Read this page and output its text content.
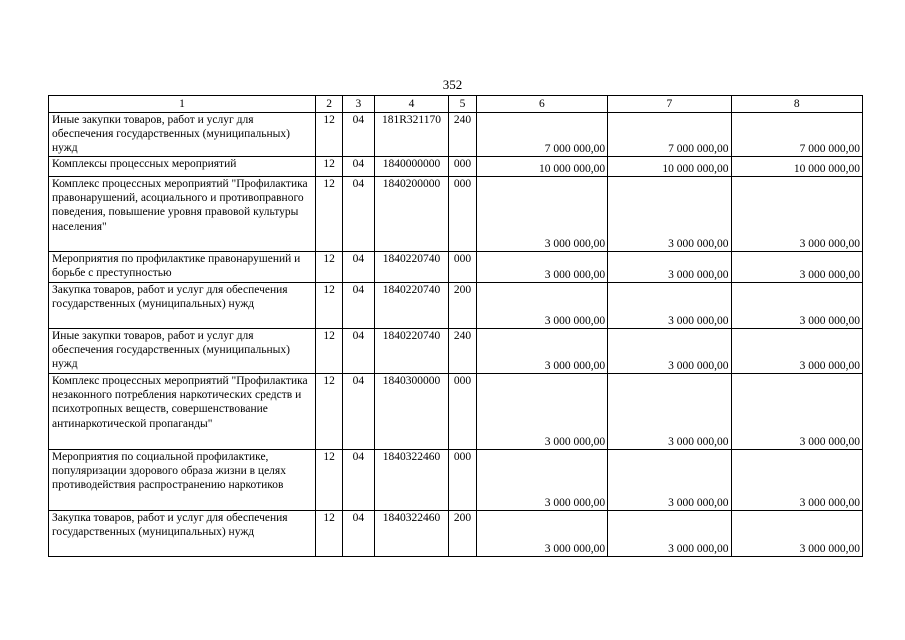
352
1	2	3	4	5	6	7	8
Иные закупки товаров, работ и услуг для обеспечения государственных (муниципальных) нужд	12	04	181R321170	240	7 000 000,00	7 000 000,00	7 000 000,00
Комплексы процессных мероприятий	12	04	1840000000	000	10 000 000,00	10 000 000,00	10 000 000,00
Комплекс процессных мероприятий "Профилактика правонарушений, асоциального и противоправного поведения, повышение уровня правовой культуры населения"	12	04	1840200000	000	3 000 000,00	3 000 000,00	3 000 000,00
Мероприятия по профилактике правонарушений и борьбе с преступностью	12	04	1840220740	000	3 000 000,00	3 000 000,00	3 000 000,00
Закупка товаров, работ и услуг для обеспечения государственных (муниципальных) нужд	12	04	1840220740	200	3 000 000,00	3 000 000,00	3 000 000,00
Иные закупки товаров, работ и услуг для обеспечения государственных (муниципальных) нужд	12	04	1840220740	240	3 000 000,00	3 000 000,00	3 000 000,00
Комплекс процессных мероприятий "Профилактика незаконного потребления наркотических средств и психотропных веществ, совершенствование антинаркотической пропаганды"	12	04	1840300000	000	3 000 000,00	3 000 000,00	3 000 000,00
Мероприятия по социальной профилактике, популяризации здорового образа жизни в целях противодействия распространению наркотиков	12	04	1840322460	000	3 000 000,00	3 000 000,00	3 000 000,00
Закупка товаров, работ и услуг для обеспечения государственных (муниципальных) нужд	12	04	1840322460	200	3 000 000,00	3 000 000,00	3 000 000,00
